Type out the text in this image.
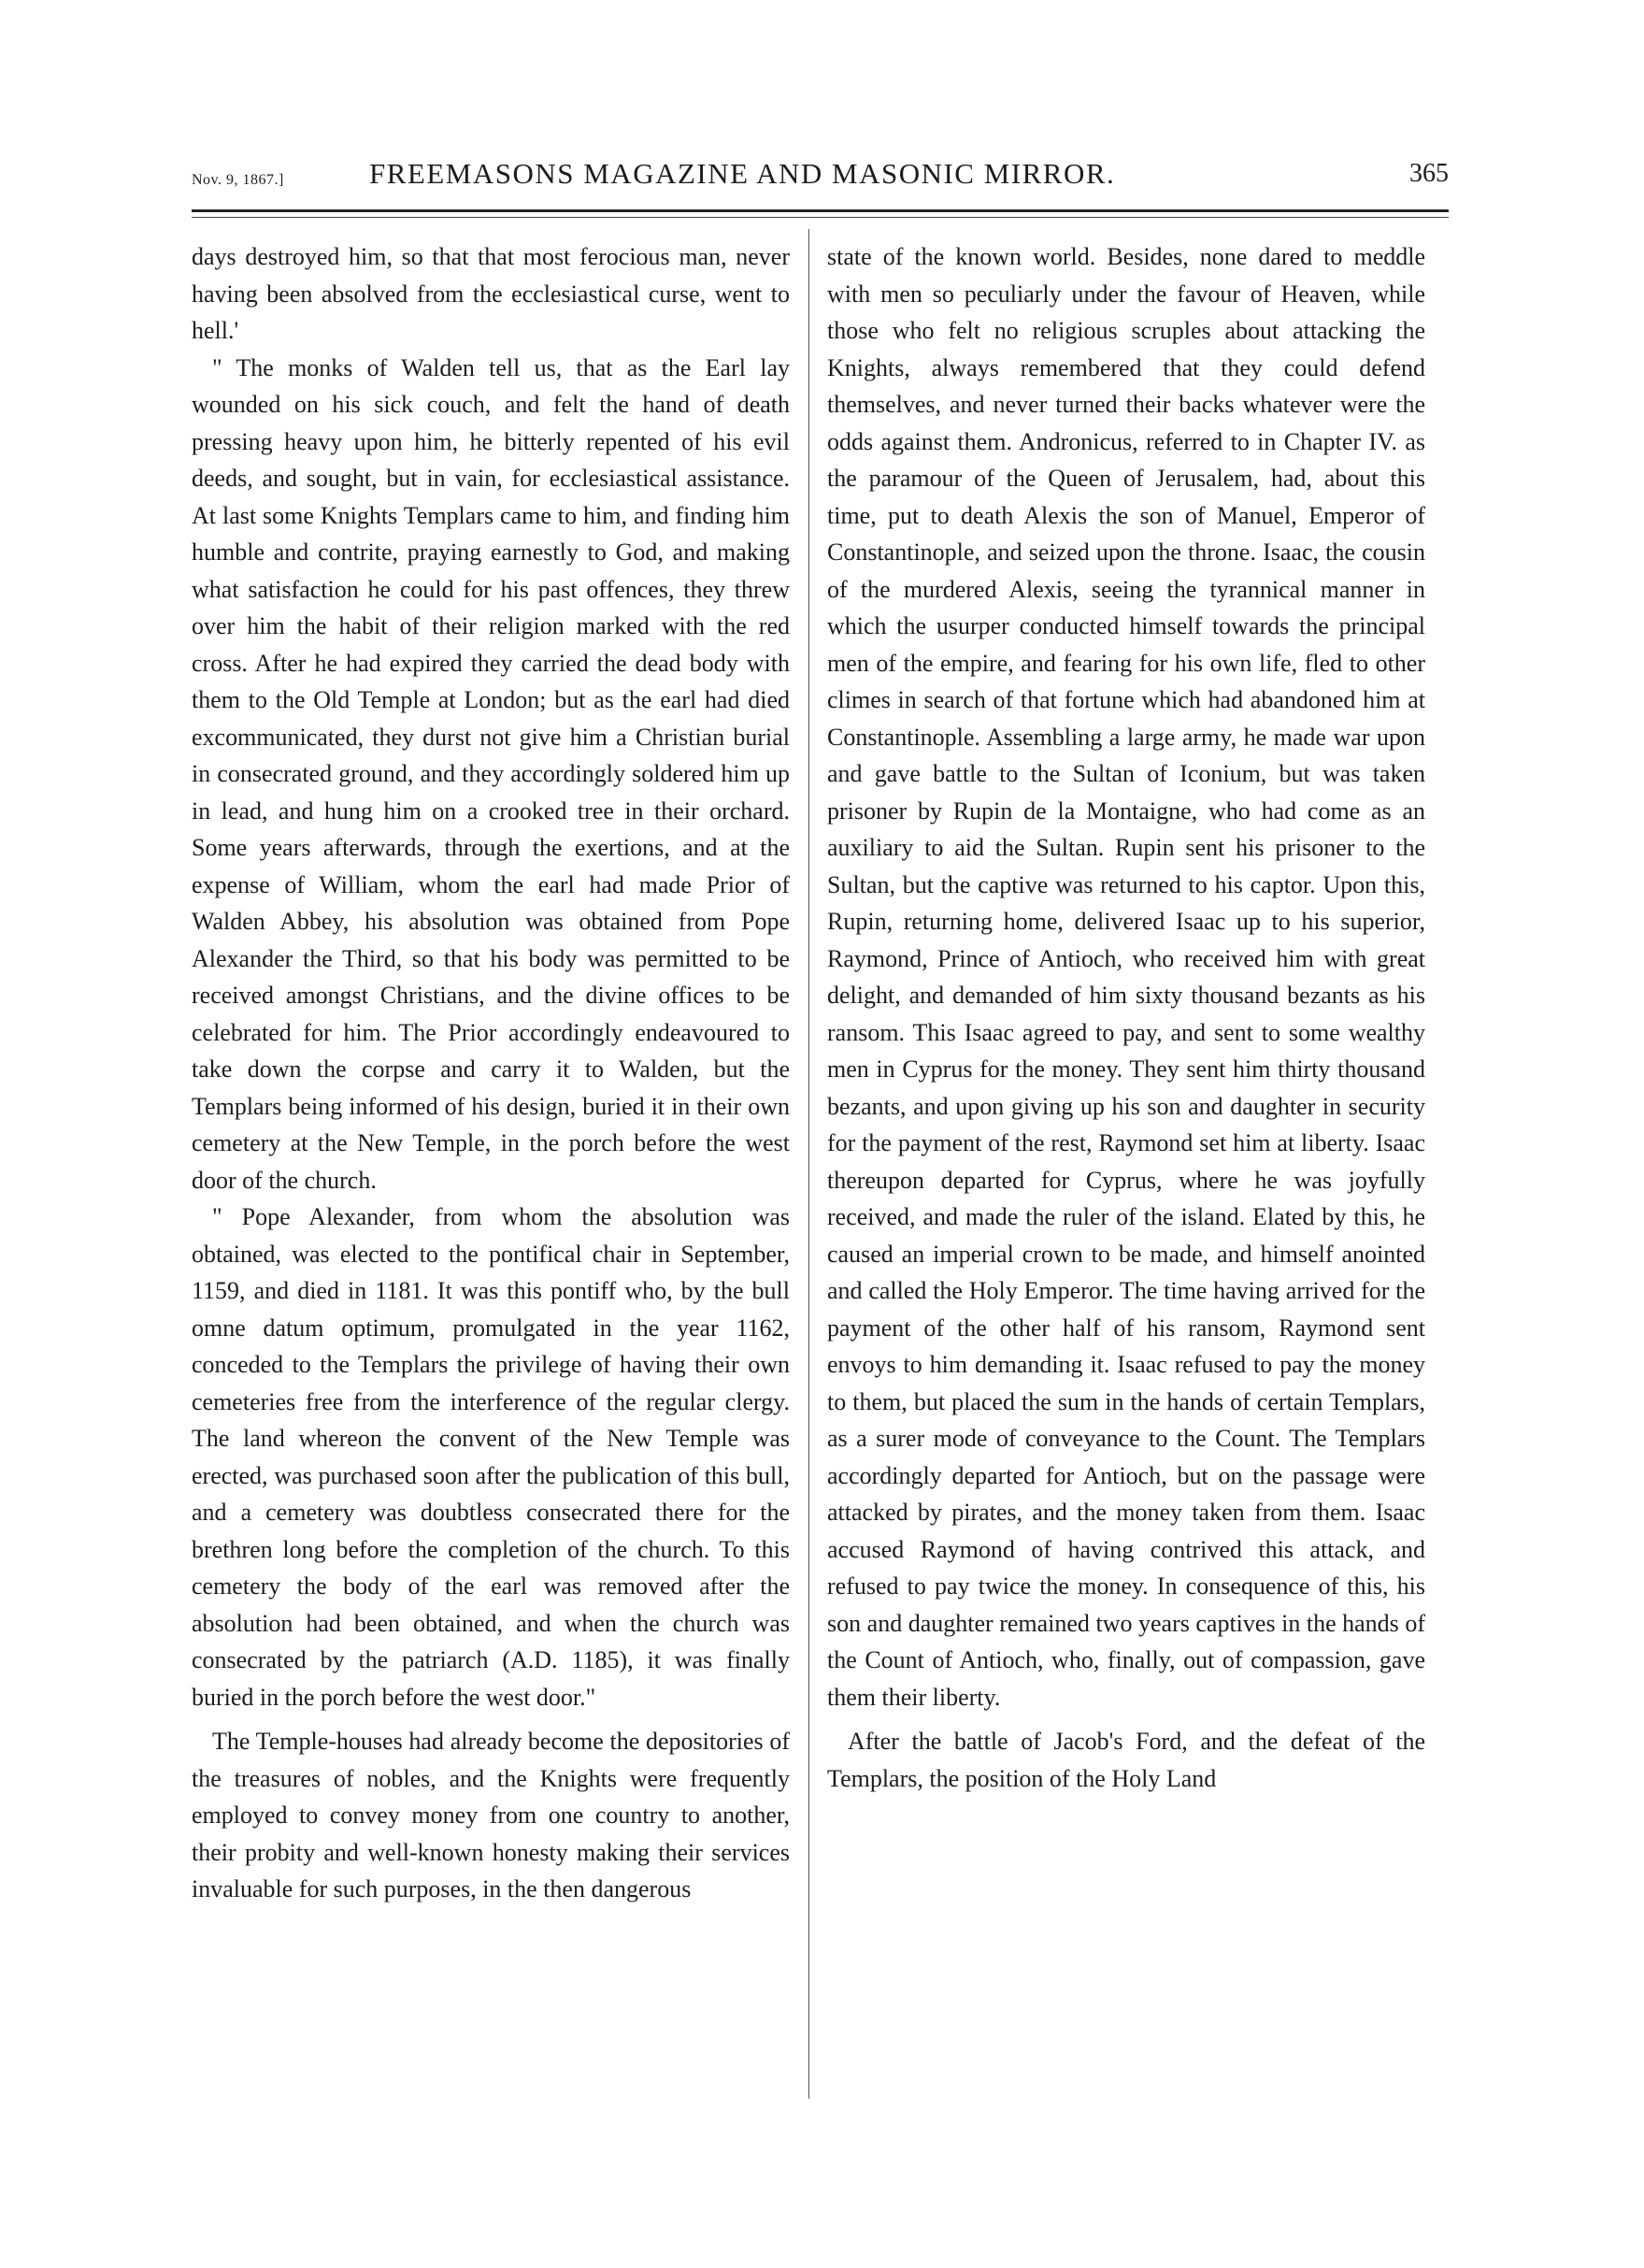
Nov. 9, 1867.]	FREEMASONS MAGAZINE AND MASONIC MIRROR.	365

days destroyed him, so that that most ferocious man, never having been absolved from the ecclesiastical curse, went to hell.'

" The monks of Walden tell us, that as the Earl lay wounded on his sick couch, and felt the hand of death pressing heavy upon him, he bitterly repented of his evil deeds, and sought, but in vain, for ecclesiastical assistance. At last some Knights Templars came to him, and finding him humble and contrite, praying earnestly to God, and making what satisfaction he could for his past offences, they threw over him the habit of their religion marked with the red cross. After he had expired they carried the dead body with them to the Old Temple at London; but as the earl had died excommunicated, they durst not give him a Christian burial in consecrated ground, and they accordingly soldered him up in lead, and hung him on a crooked tree in their orchard. Some years afterwards, through the exertions, and at the expense of William, whom the earl had made Prior of Walden Abbey, his absolution was obtained from Pope Alexander the Third, so that his body was permitted to be received amongst Christians, and the divine offices to be celebrated for him. The Prior accordingly endeavoured to take down the corpse and carry it to Walden, but the Templars being informed of his design, buried it in their own cemetery at the New Temple, in the porch before the west door of the church.

" Pope Alexander, from whom the absolution was obtained, was elected to the pontifical chair in September, 1159, and died in 1181. It was this pontiff who, by the bull omne datum optimum, promulgated in the year 1162, conceded to the Templars the privilege of having their own cemeteries free from the interference of the regular clergy. The land whereon the convent of the New Temple was erected, was purchased soon after the publication of this bull, and a cemetery was doubtless consecrated there for the brethren long before the completion of the church. To this cemetery the body of the earl was removed after the absolution had been obtained, and when the church was consecrated by the patriarch (A.D. 1185), it was finally buried in the porch before the west door."

The Temple-houses had already become the depositories of the treasures of nobles, and the Knights were frequently employed to convey money from one country to another, their probity and well-known honesty making their services invaluable for such purposes, in the then dangerous

state of the known world. Besides, none dared to meddle with men so peculiarly under the favour of Heaven, while those who felt no religious scruples about attacking the Knights, always remembered that they could defend themselves, and never turned their backs whatever were the odds against them. Andronicus, referred to in Chapter IV. as the paramour of the Queen of Jerusalem, had, about this time, put to death Alexis the son of Manuel, Emperor of Constantinople, and seized upon the throne. Isaac, the cousin of the murdered Alexis, seeing the tyrannical manner in which the usurper conducted himself towards the principal men of the empire, and fearing for his own life, fled to other climes in search of that fortune which had abandoned him at Constantinople. Assembling a large army, he made war upon and gave battle to the Sultan of Iconium, but was taken prisoner by Rupin de la Montaigne, who had come as an auxiliary to aid the Sultan. Rupin sent his prisoner to the Sultan, but the captive was returned to his captor. Upon this, Rupin, returning home, delivered Isaac up to his superior, Raymond, Prince of Antioch, who received him with great delight, and demanded of him sixty thousand bezants as his ransom. This Isaac agreed to pay, and sent to some wealthy men in Cyprus for the money. They sent him thirty thousand bezants, and upon giving up his son and daughter in security for the payment of the rest, Raymond set him at liberty. Isaac thereupon departed for Cyprus, where he was joyfully received, and made the ruler of the island. Elated by this, he caused an imperial crown to be made, and himself anointed and called the Holy Emperor. The time having arrived for the payment of the other half of his ransom, Raymond sent envoys to him demanding it. Isaac refused to pay the money to them, but placed the sum in the hands of certain Templars, as a surer mode of conveyance to the Count. The Templars accordingly departed for Antioch, but on the passage were attacked by pirates, and the money taken from them. Isaac accused Raymond of having contrived this attack, and refused to pay twice the money. In consequence of this, his son and daughter remained two years captives in the hands of the Count of Antioch, who, finally, out of compassion, gave them their liberty.

After the battle of Jacob's Ford, and the defeat of the Templars, the position of the Holy Land
